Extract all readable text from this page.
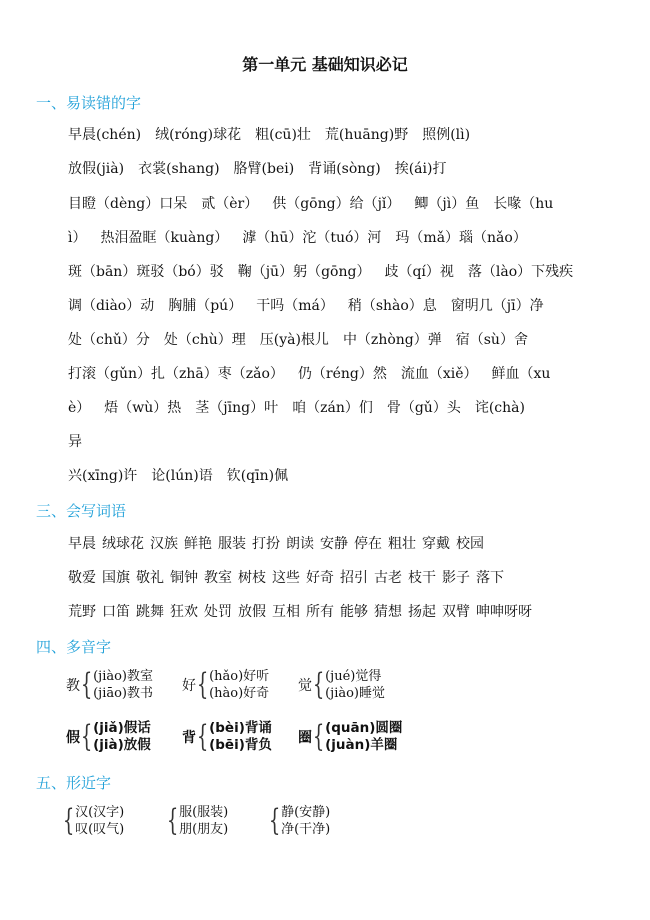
第一单元 基础知识必记
一、易读错的字
早晨(chén) 绒(róng)球花 粗(cū)壮 荒(huāng)野 照例(lì)
放假(jià) 衣裳(shang) 胳臂(bei) 背诵(sòng) 挨(ái)打
目瞪（dèng）口呆 贰（èr） 供（gōng）给（jǐ） 鲫（jì）鱼 长喙（hu
ì） 热泪盈眶（kuàng） 滹（hū）沱（tuó）河 玛（mǎ）瑙（nǎo）
斑（bān）斑驳（bó）驳 鞠（jū）躬（gōng） 歧（qí）视 落（lào）下残疾
调（diào）动 胸脯（pú） 干吗（má） 稍（shào）息 窗明几（jī）净
处（chǔ）分 处（chù）理 压(yà)根儿 中（zhòng）弹 宿（sù）舍
打滚（gǔn）扎（zhā）枣（zǎo） 仍（réng）然 流血（xiě） 鲜血（xu
è） 焐（wù）热 茎（jīng）叶 咱（zán）们 骨（gǔ）头 诧(chà)
异
兴(xīng)许 论(lún)语 钦(qīn)佩
三、会写词语
早晨 绒球花 汉族 鲜艳 服装 打扮 朗读 安静 停在 粗壮 穿戴 校园
敬爱 国旗 敬礼 铜钟 教室 树枝 这些 好奇 招引 古老 枝干 影子 落下
荒野 口笛 跳舞 狂欢 处罚 放假 互相 所有 能够 猜想 扬起 双臂 呻呻呀呀
四、多音字
教 { (jiào)教室
(jiāo)教书 好 { (hǎo)好听
(hào)好奇 觉 { (jué)觉得
(jiào)睡觉
假 { (jiǎ)假话
(jià)放假 背 { (bèi)背诵
(bēi)背负 圈 { (quān)圆圈
(juàn)羊圈
五、形近字
{ 汉(汉字)
叹(叹气) { 服(服装)
朋(朋友) { 静(安静)
净(干净)
